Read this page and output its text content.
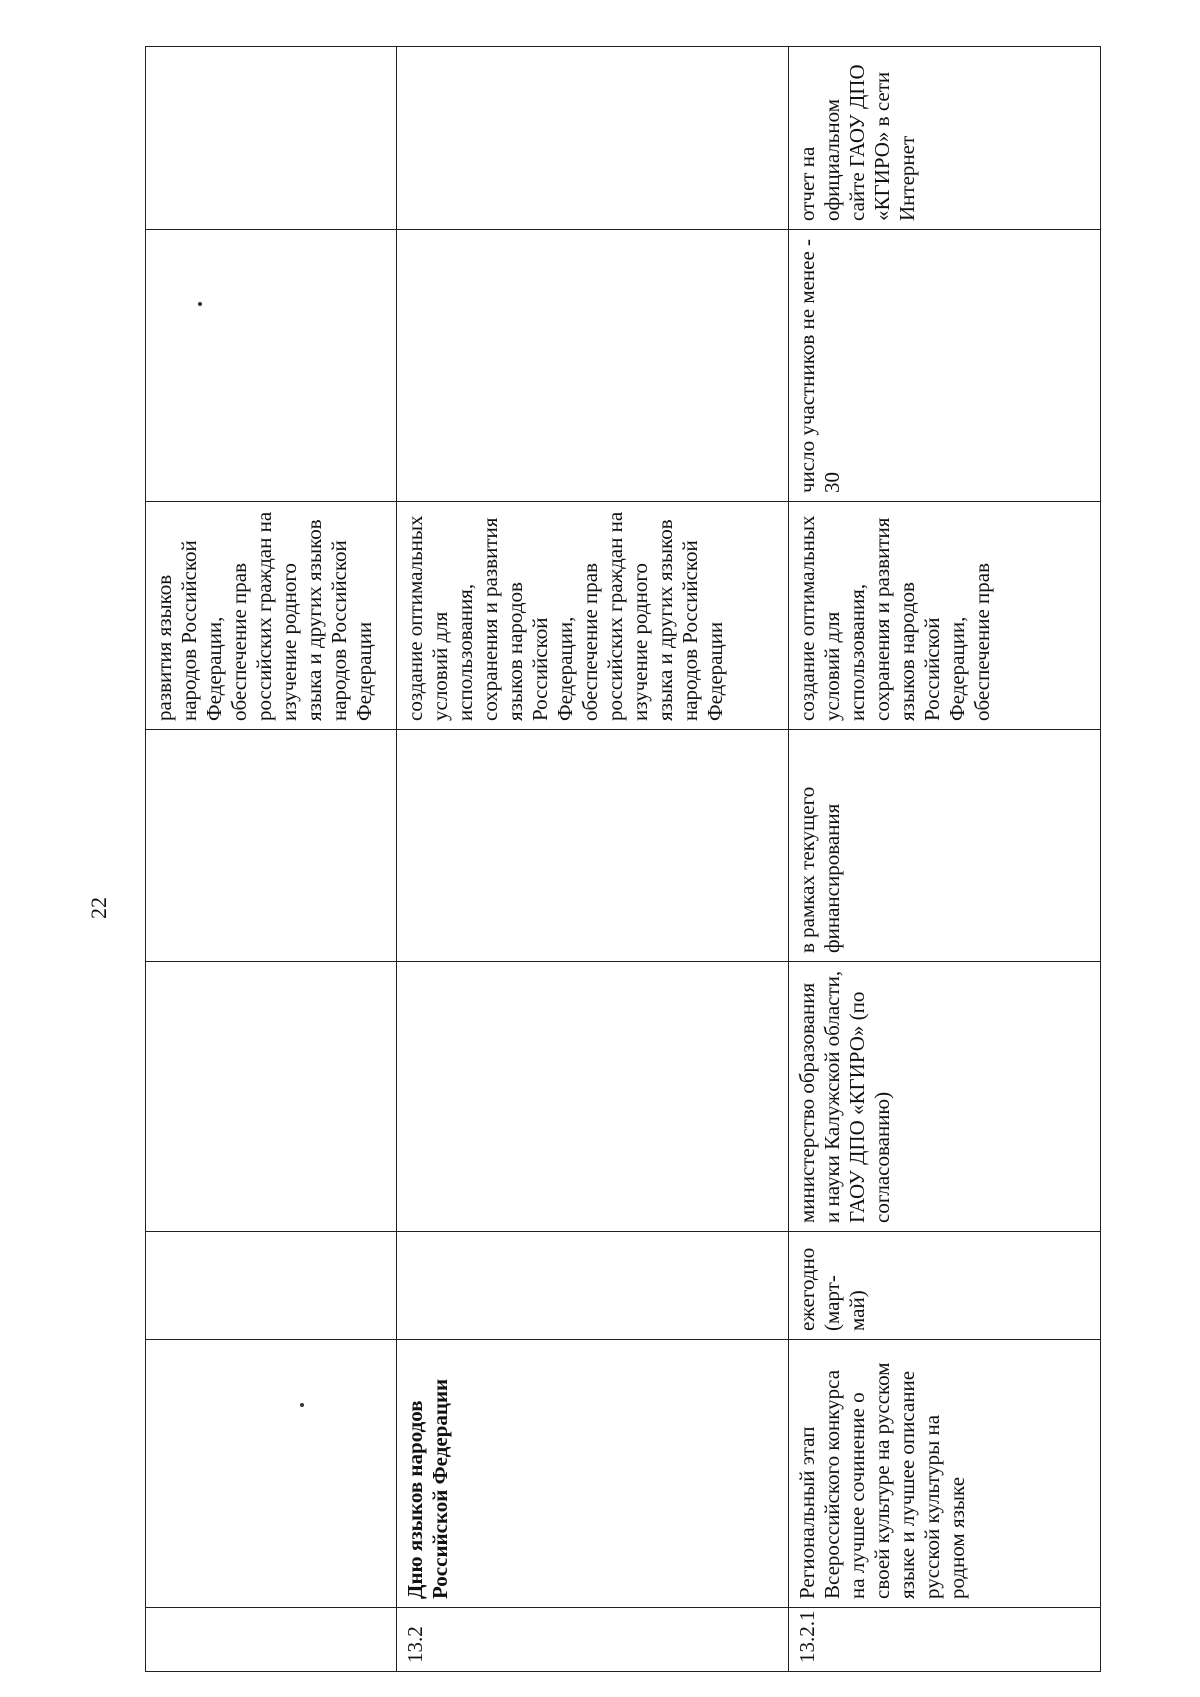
22
					развития языков народов Российской Федерации, обеспечение прав российских граждан на изучение родного языка и других языков народов Российской Федерации		
13.2	Дню языков народов Российской Федерации				создание оптимальных условий для использования, сохранения и развития языков народов Российской Федерации, обеспечение прав российских граждан на изучение родного языка и других языков народов Российской Федерации		
13.2.1	Региональный этап Всероссийского конкурса на лучшее сочинение о своей культуре на русском языке и лучшее описание русской культуры на родном языке	ежегодно (март-май)	министерство образования и науки Калужской области, ГАОУ ДПО «КГИРО» (по согласованию)	в рамках текущего финансирования	создание оптимальных условий для использования, сохранения и развития языков народов Российской Федерации, обеспечение прав	число участников не менее - 30	отчет на официальном сайте ГАОУ ДПО «КГИРО» в сети Интернет
